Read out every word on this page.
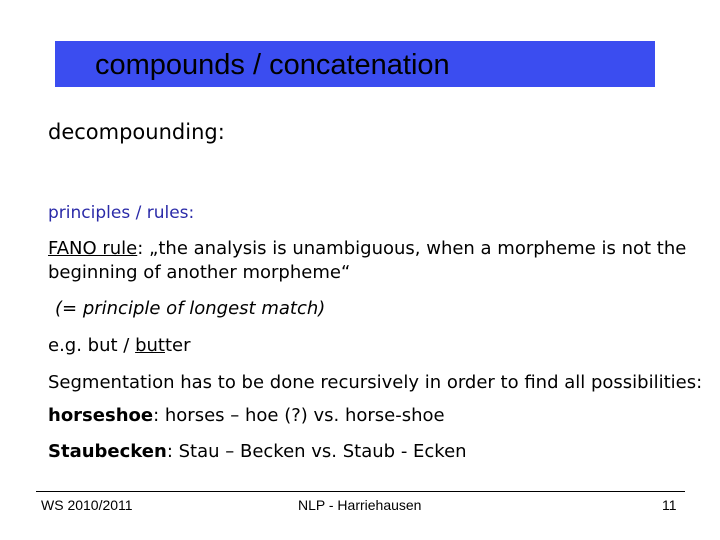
compounds / concatenation
decompounding:
principles / rules:
FANO rule: „the analysis is unambiguous, when a morpheme is not the
beginning of another morpheme“
(= principle of longest match)
e.g. but / butter
Segmentation has to be done recursively in order to find all possibilities:
horseshoe: horses – hoe (?) vs. horse-shoe
Staubecken: Stau – Becken vs. Staub - Ecken
WS 2010/2011	NLP - Harriehausen	11
